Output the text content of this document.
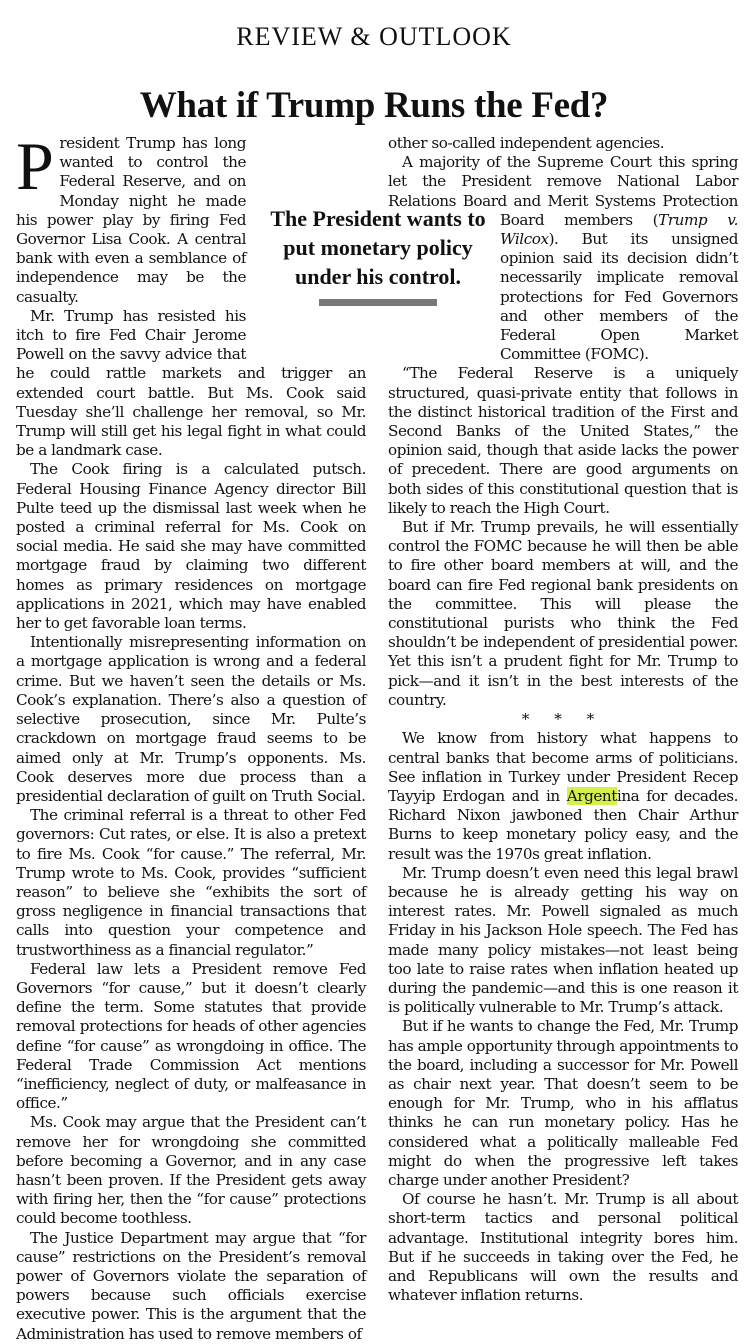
REVIEW & OUTLOOK
What if Trump Runs the Fed?
The President wants to put monetary policy under his control.

P resident Trump has long wanted to control the Federal Reserve, and on Monday night he made his power play by firing Fed Governor Lisa Cook. A central bank with even a semblance of independence may be the casualty.

Mr. Trump has resisted his itch to fire Fed Chair Jerome Powell on the savvy advice that he could rattle markets and trigger an extended court battle. But Ms. Cook said Tuesday she’ll challenge her removal, so Mr. Trump will still get his legal fight in what could be a landmark case.

The Cook firing is a calculated putsch. Federal Housing Finance Agency director Bill Pulte teed up the dismissal last week when he posted a criminal referral for Ms. Cook on social media. He said she may have committed mortgage fraud by claiming two different homes as primary residences on mortgage applications in 2021, which may have enabled her to get favorable loan terms.

Intentionally misrepresenting information on a mortgage application is wrong and a federal crime. But we haven’t seen the details or Ms. Cook’s explanation. There’s also a question of selective prosecution, since Mr. Pulte’s crackdown on mortgage fraud seems to be aimed only at Mr. Trump’s opponents. Ms. Cook deserves more due process than a presidential declaration of guilt on Truth Social.

The criminal referral is a threat to other Fed governors: Cut rates, or else. It is also a pretext to fire Ms. Cook “for cause.” The referral, Mr. Trump wrote to Ms. Cook, provides “sufficient reason” to believe she “exhibits the sort of gross negligence in financial transactions that calls into question your competence and trustworthiness as a financial regulator.”

Federal law lets a President remove Fed Governors “for cause,” but it doesn’t clearly define the term. Some statutes that provide removal protections for heads of other agencies define “for cause” as wrongdoing in office. The Federal Trade Commission Act mentions “inefficiency, neglect of duty, or malfeasance in office.”

Ms. Cook may argue that the President can’t remove her for wrongdoing she committed before becoming a Governor, and in any case hasn’t been proven. If the President gets away with firing her, then the “for cause” protections could become toothless.

The Justice Department may argue that “for cause” restrictions on the President’s removal power of Governors violate the separation of powers because such officials exercise executive power. This is the argument that the Administration has used to remove members of

other so-called independent agencies.

A majority of the Supreme Court this spring let the President remove National Labor Relations Board and Merit Systems Protection Board members (
Trump v. Wilcox). But its unsigned opinion said its decision didn’t necessarily implicate removal protections for Fed Governors and other members of the Federal Open Market Committee (FOMC).

“The Federal Reserve is a uniquely structured, quasi-private entity that follows in the distinct historical tradition of the First and Second Banks of the United States,” the opinion said, though that aside lacks the power of precedent. There are good arguments on both sides of this constitutional question that is likely to reach the High Court.

But if Mr. Trump prevails, he will essentially control the FOMC because he will then be able to fire other board members at will, and the board can fire Fed regional bank presidents on the committee. This will please the constitutional purists who think the Fed shouldn’t be independent of presidential power. Yet this isn’t a prudent fight for Mr. Trump to pick—and it isn’t in the best interests of the country.

* * *

We know from history what happens to central banks that become arms of politicians. See inflation in Turkey under President Recep Tayyip Erdogan and in Argentina for decades. Richard Nixon jawboned then Chair Arthur Burns to keep monetary policy easy, and the result was the 1970s great inflation.

Mr. Trump doesn’t even need this legal brawl because he is already getting his way on interest rates. Mr. Powell signaled as much Friday in his Jackson Hole speech. The Fed has made many policy mistakes—not least being too late to raise rates when inflation heated up during the pandemic—and this is one reason it is politically vulnerable to Mr. Trump’s attack.

But if he wants to change the Fed, Mr. Trump has ample opportunity through appointments to the board, including a successor for Mr. Powell as chair next year. That doesn’t seem to be enough for Mr. Trump, who in his afflatus thinks he can run monetary policy. Has he considered what a politically malleable Fed might do when the progressive left takes charge under another President?

Of course he hasn’t. Mr. Trump is all about short-term tactics and personal political advantage. Institutional integrity bores him. But if he succeeds in taking over the Fed, he and Republicans will own the results and whatever inflation returns.
